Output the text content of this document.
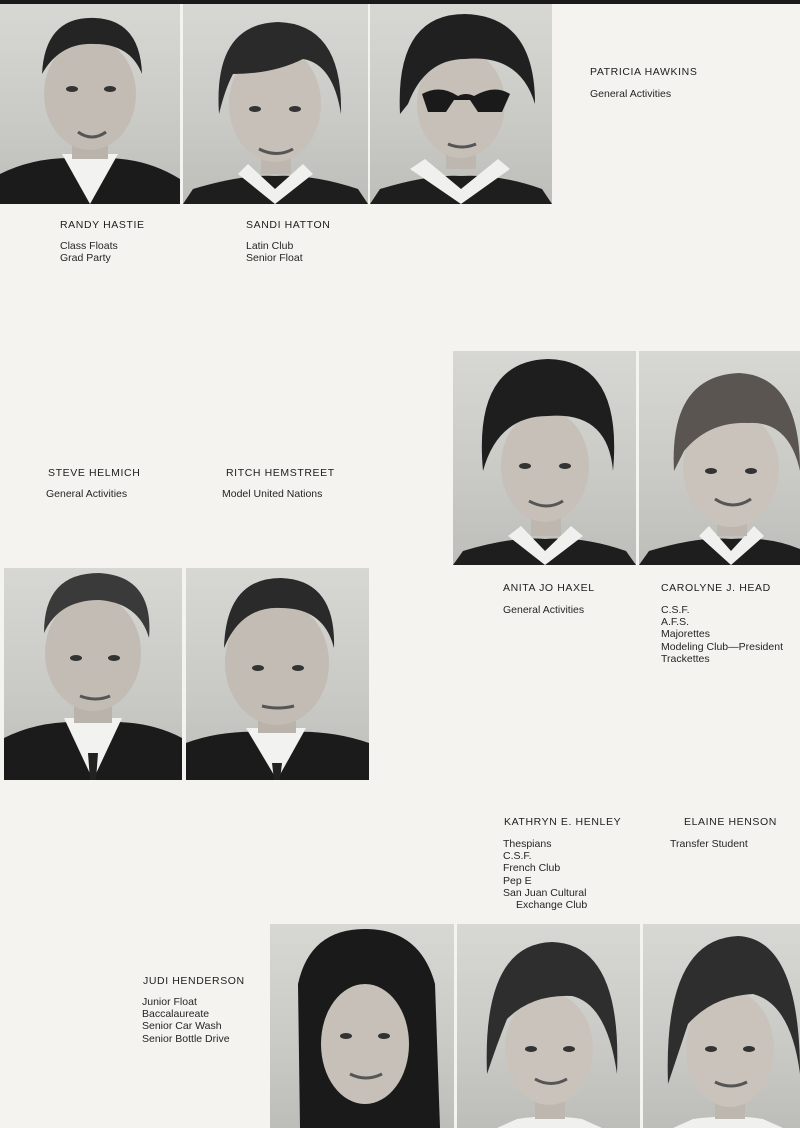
PATRICIA HAWKINS
General Activities
RANDY HASTIE
Class Floats
Grad Party
SANDI HATTON
Latin Club
Senior Float
STEVE HELMICH
General Activities
RITCH HEMSTREET
Model United Nations
ANITA JO HAXEL
General Activities
CAROLYNE J. HEAD
C.S.F.
A.F.S.
Majorettes
Modeling Club—President
Trackettes
KATHRYN E. HENLEY
Thespians
C.S.F.
French Club
Pep E
San Juan Cultural
Exchange Club
ELAINE HENSON
Transfer Student
JUDI HENDERSON
Junior Float
Baccalaureate
Senior Car Wash
Senior Bottle Drive
